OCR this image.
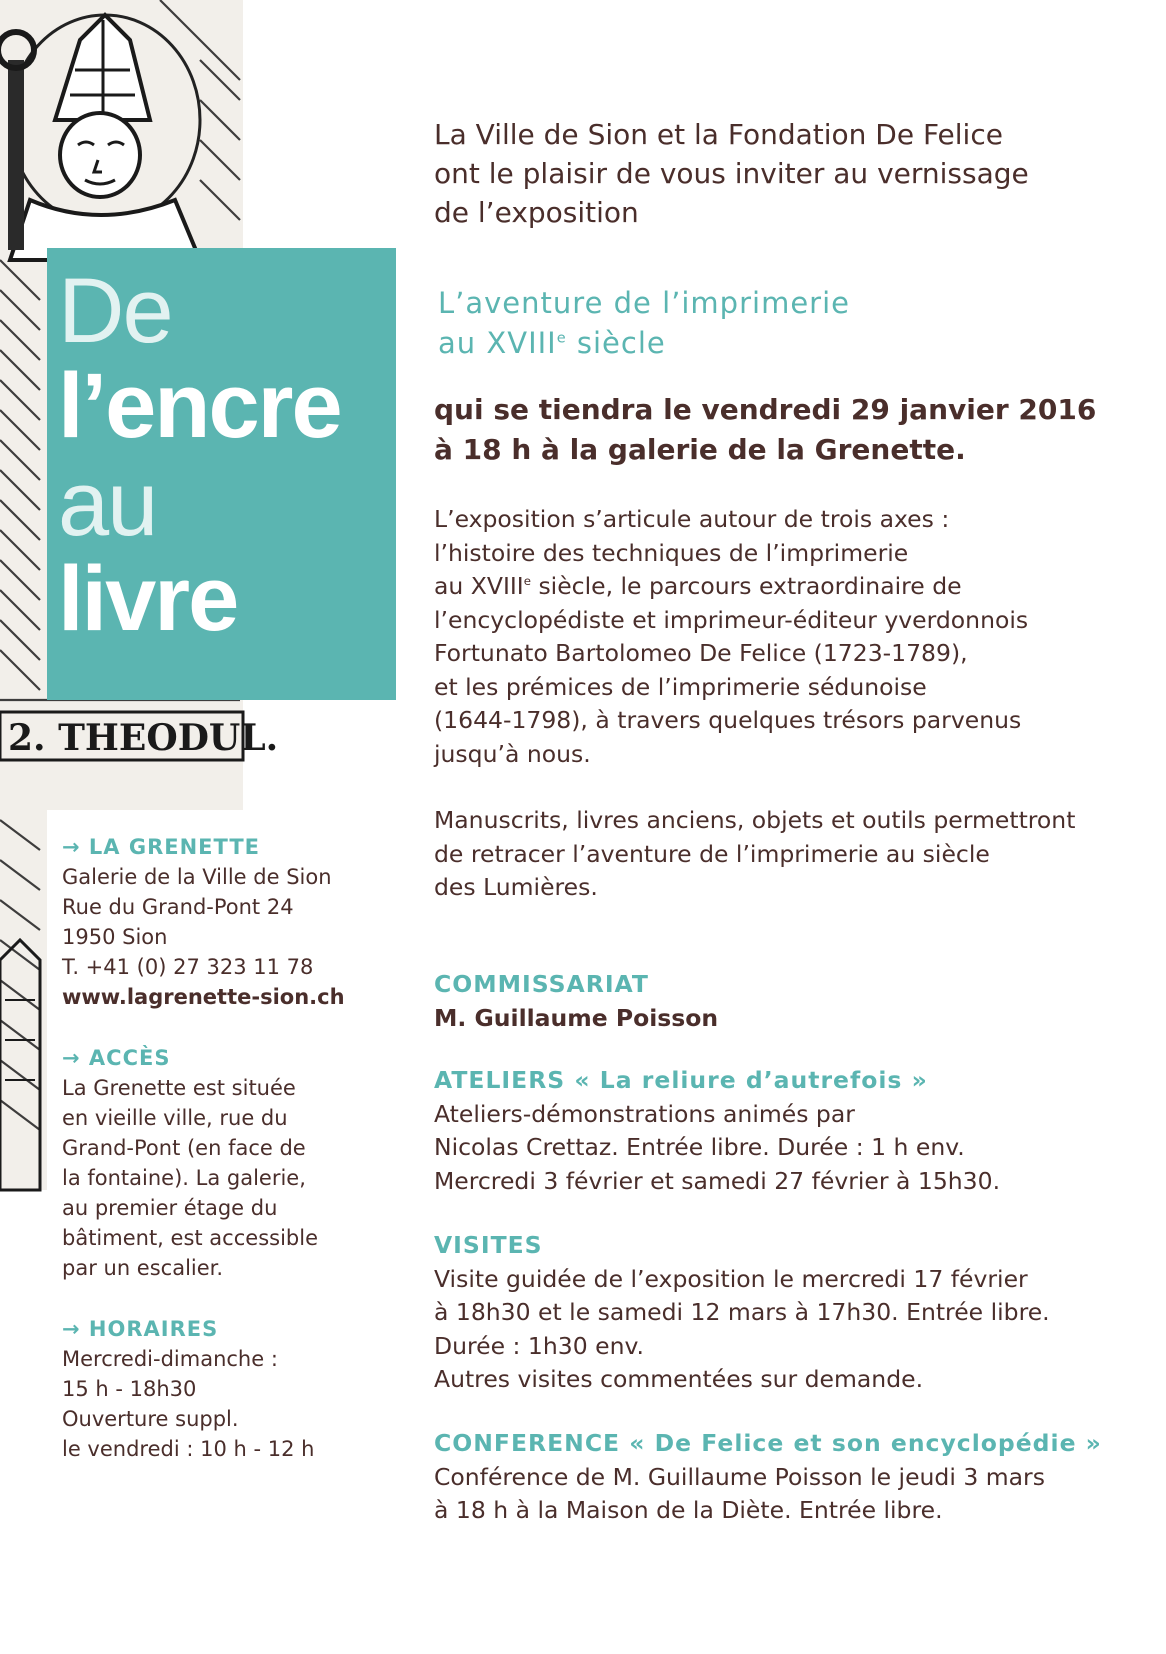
2. THEODUL.
De
l’encre
au
livre
La Ville de Sion et la Fondation De Felice
ont le plaisir de vous inviter au vernissage
de l’exposition
L’aventure de l’imprimerie
au XVIIIe siècle
qui se tiendra le vendredi 29 janvier 2016
à 18 h à la galerie de la Grenette.
L’exposition s’articule autour de trois axes :
l’histoire des techniques de l’imprimerie
au XVIIIe siècle, le parcours extraordinaire de
l’encyclopédiste et imprimeur-éditeur yverdonnois
Fortunato Bartolomeo De Felice (1723-1789),
et les prémices de l’imprimerie sédunoise
(1644-1798), à travers quelques trésors parvenus
jusqu’à nous.
Manuscrits, livres anciens, objets et outils permettront
de retracer l’aventure de l’imprimerie au siècle
des Lumières.
COMMISSARIAT
M. Guillaume Poisson
ATELIERS « La reliure d’autrefois »
Ateliers-démonstrations animés par
Nicolas Crettaz. Entrée libre. Durée : 1 h env.
Mercredi 3 février et samedi 27 février à 15h30.
VISITES
Visite guidée de l’exposition le mercredi 17 février
à 18h30 et le samedi 12 mars à 17h30. Entrée libre.
Durée : 1h30 env.
Autres visites commentées sur demande.
CONFERENCE « De Felice et son encyclopédie »
Conférence de M. Guillaume Poisson le jeudi 3 mars
à 18 h à la Maison de la Diète. Entrée libre.
→ LA GRENETTE
Galerie de la Ville de Sion
Rue du Grand-Pont 24
1950 Sion
T. +41 (0) 27 323 11 78
www.lagrenette-sion.ch
→ ACCÈS
La Grenette est située
en vieille ville, rue du
Grand-Pont (en face de
la fontaine). La galerie,
au premier étage du
bâtiment, est accessible
par un escalier.
→ HORAIRES
Mercredi-dimanche :
15 h - 18h30
Ouverture suppl.
le vendredi : 10 h - 12 h
